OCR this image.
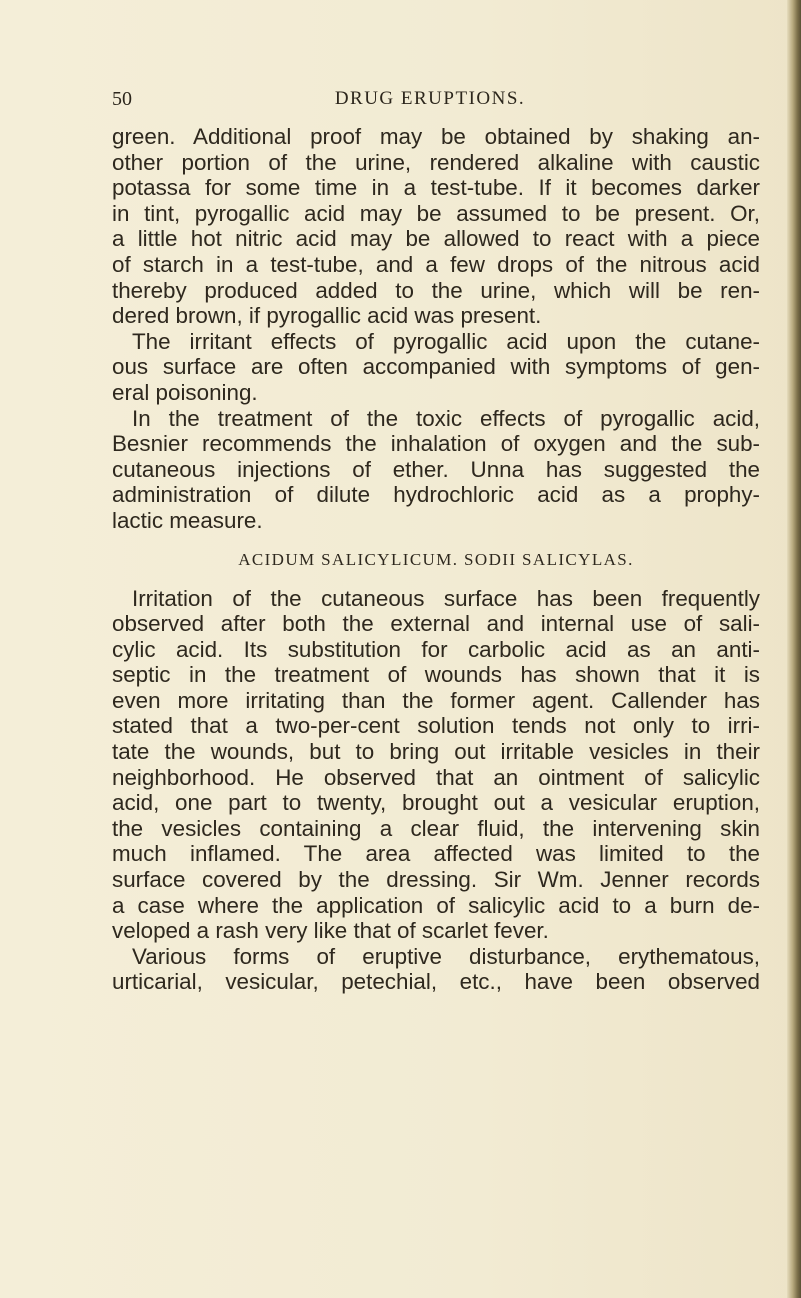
50	DRUG ERUPTIONS.
green. Additional proof may be obtained by shaking an-
other portion of the urine, rendered alkaline with caustic
potassa for some time in a test-tube. If it becomes darker
in tint, pyrogallic acid may be assumed to be present. Or,
a little hot nitric acid may be allowed to react with a piece
of starch in a test-tube, and a few drops of the nitrous acid
thereby produced added to the urine, which will be ren-
dered brown, if pyrogallic acid was present.
The irritant effects of pyrogallic acid upon the cutane-
ous surface are often accompanied with symptoms of gen-
eral poisoning.
In the treatment of the toxic effects of pyrogallic acid,
Besnier recommends the inhalation of oxygen and the sub-
cutaneous injections of ether. Unna has suggested the
administration of dilute hydrochloric acid as a prophy-
lactic measure.
ACIDUM SALICYLICUM. SODII SALICYLAS.
Irritation of the cutaneous surface has been frequently
observed after both the external and internal use of sali-
cylic acid. Its substitution for carbolic acid as an anti-
septic in the treatment of wounds has shown that it is
even more irritating than the former agent. Callender has
stated that a two-per-cent solution tends not only to irri-
tate the wounds, but to bring out irritable vesicles in their
neighborhood. He observed that an ointment of salicylic
acid, one part to twenty, brought out a vesicular eruption,
the vesicles containing a clear fluid, the intervening skin
much inflamed. The area affected was limited to the
surface covered by the dressing. Sir Wm. Jenner records
a case where the application of salicylic acid to a burn de-
veloped a rash very like that of scarlet fever.
Various forms of eruptive disturbance, erythematous,
urticarial, vesicular, petechial, etc., have been observed
